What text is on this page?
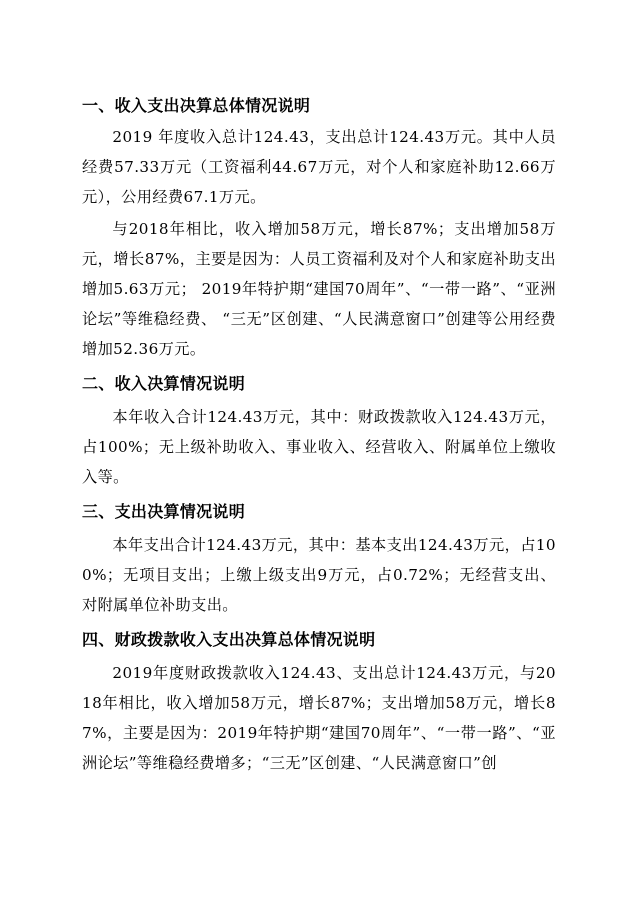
一、收入支出决算总体情况说明

2019 年度收入总计124.43，支出总计124.43万元。其中人员经费57.33万元（工资福利44.67万元，对个人和家庭补助12.66万元），公用经费67.1万元。

与2018年相比，收入增加58万元，增长87%；支出增加58万元，增长87%，主要是因为：人员工资福利及对个人和家庭补助支出增加5.63万元； 2019年特护期“建国70周年”、“一带一路”、“亚洲论坛”等维稳经费、 “三无”区创建、“人民满意窗口”创建等公用经费增加52.36万元。

二、收入决算情况说明

本年收入合计124.43万元，其中：财政拨款收入124.43万元，占100%；无上级补助收入、事业收入、经营收入、附属单位上缴收入等。

三、支出决算情况说明

本年支出合计124.43万元，其中：基本支出124.43万元，占100%；无项目支出；上缴上级支出9万元，占0.72%；无经营支出、对附属单位补助支出。

四、财政拨款收入支出决算总体情况说明

2019年度财政拨款收入124.43、支出总计124.43万元，与2018年相比，收入增加58万元，增长87%；支出增加58万元，增长87%，主要是因为：2019年特护期“建国70周年”、“一带一路”、“亚洲论坛”等维稳经费增多；“三无”区创建、“人民满意窗口”创
